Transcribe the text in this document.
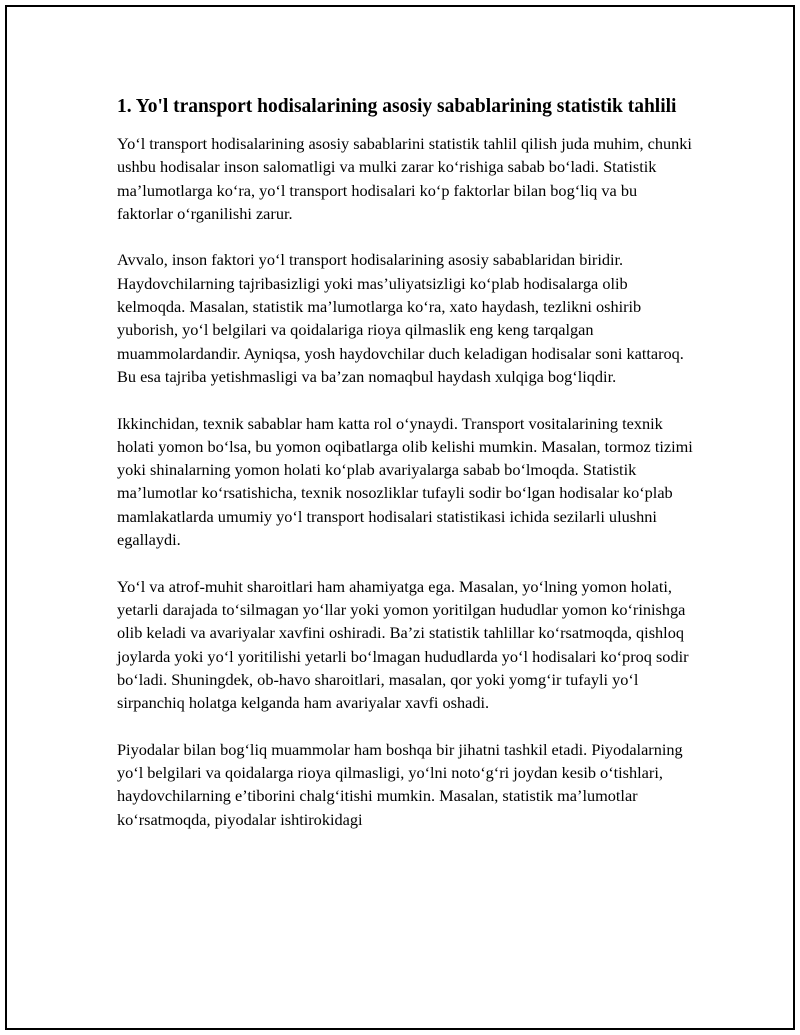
1. Yo'l transport hodisalarining asosiy sabablarining statistik tahlili

Yo‘l transport hodisalarining asosiy sabablarini statistik tahlil qilish juda muhim, chunki ushbu hodisalar inson salomatligi va mulki zarar ko‘rishiga sabab bo‘ladi. Statistik ma’lumotlarga ko‘ra, yo‘l transport hodisalari ko‘p faktorlar bilan bog‘liq va bu faktorlar o‘rganilishi zarur.

Avvalo, inson faktori yo‘l transport hodisalarining asosiy sabablaridan biridir. Haydovchilarning tajribasizligi yoki mas’uliyatsizligi ko‘plab hodisalarga olib kelmoqda. Masalan, statistik ma’lumotlarga ko‘ra, xato haydash, tezlikni oshirib yuborish, yo‘l belgilari va qoidalariga rioya qilmaslik eng keng tarqalgan muammolardandir. Ayniqsa, yosh haydovchilar duch keladigan hodisalar soni kattaroq. Bu esa tajriba yetishmasligi va ba’zan nomaqbul haydash xulqiga bog‘liqdir.

Ikkinchidan, texnik sabablar ham katta rol o‘ynaydi. Transport vositalarining texnik holati yomon bo‘lsa, bu yomon oqibatlarga olib kelishi mumkin. Masalan, tormoz tizimi yoki shinalarning yomon holati ko‘plab avariyalarga sabab bo‘lmoqda. Statistik ma’lumotlar ko‘rsatishicha, texnik nosozliklar tufayli sodir bo‘lgan hodisalar ko‘plab mamlakatlarda umumiy yo‘l transport hodisalari statistikasi ichida sezilarli ulushni egallaydi.

Yo‘l va atrof-muhit sharoitlari ham ahamiyatga ega. Masalan, yo‘lning yomon holati, yetarli darajada to‘silmagan yo‘llar yoki yomon yoritilgan hududlar yomon ko‘rinishga olib keladi va avariyalar xavfini oshiradi. Ba’zi statistik tahlillar ko‘rsatmoqda, qishloq joylarda yoki yo‘l yoritilishi yetarli bo‘lmagan hududlarda yo‘l hodisalari ko‘proq sodir bo‘ladi. Shuningdek, ob-havo sharoitlari, masalan, qor yoki yomg‘ir tufayli yo‘l sirpanchiq holatga kelganda ham avariyalar xavfi oshadi.

Piyodalar bilan bog‘liq muammolar ham boshqa bir jihatni tashkil etadi. Piyodalarning yo‘l belgilari va qoidalarga rioya qilmasligi, yo‘lni noto‘g‘ri joydan kesib o‘tishlari, haydovchilarning e’tiborini chalg‘itishi mumkin. Masalan, statistik ma’lumotlar ko‘rsatmoqda, piyodalar ishtirokidagi
